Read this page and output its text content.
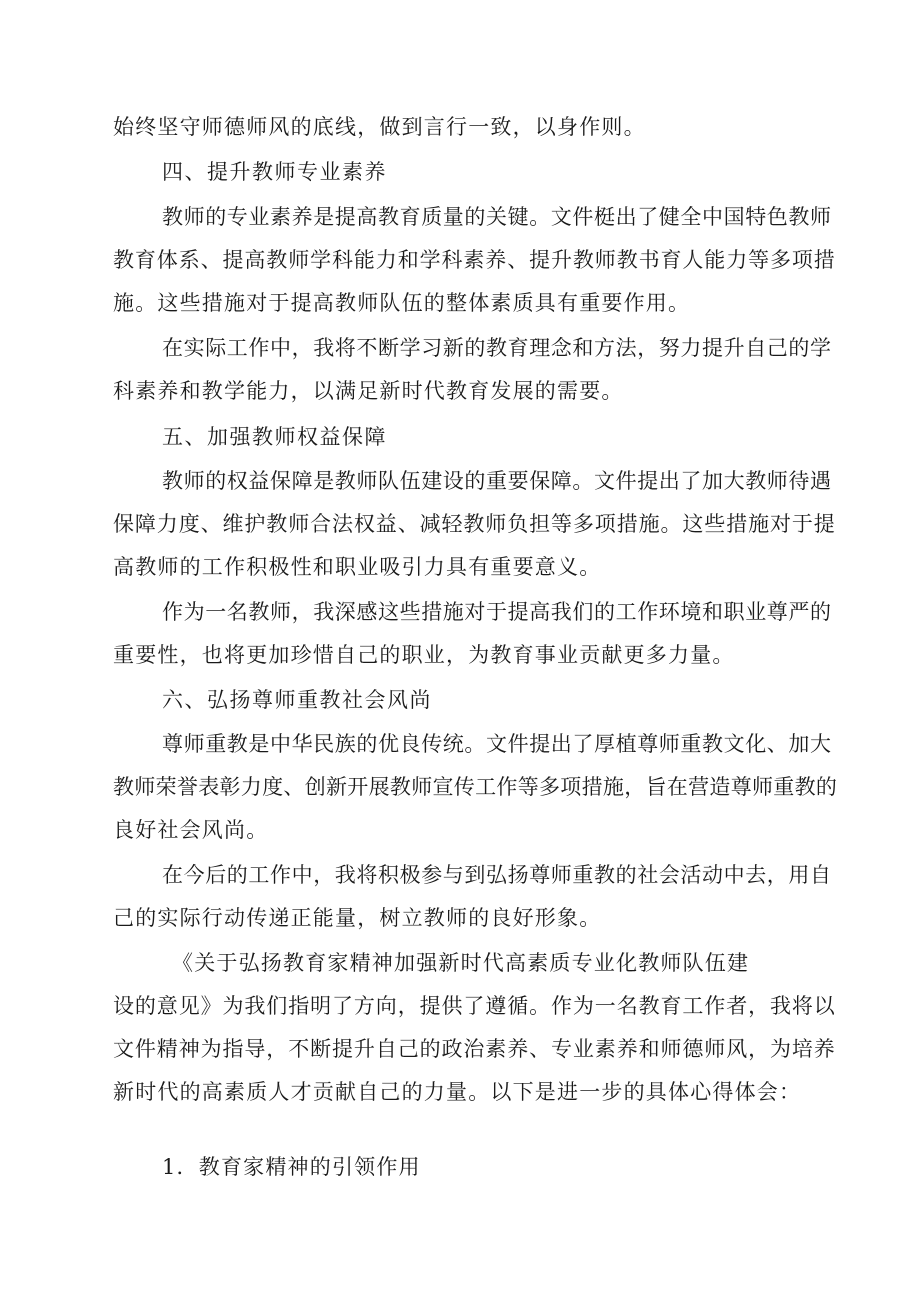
始终坚守师德师风的底线，做到言行一致，以身作则。
四、提升教师专业素养
教师的专业素养是提高教育质量的关键。文件梃出了健全中国特色教师
教育体系、提高教师学科能力和学科素养、提升教师教书育人能力等多项措
施。这些措施对于提高教师队伍的整体素质具有重要作用。
在实际工作中，我将不断学习新的教育理念和方法，努力提升自己的学
科素养和教学能力，以满足新时代教育发展的需要。
五、加强教师权益保障
教师的权益保障是教师队伍建设的重要保障。文件提出了加大教师待遇
保障力度、维护教师合法权益、减轻教师负担等多项措施。这些措施对于提
高教师的工作积极性和职业吸引力具有重要意义。
作为一名教师，我深感这些措施对于提高我们的工作环境和职业尊严的
重要性，也将更加珍惜自己的职业，为教育事业贡献更多力量。
六、弘扬尊师重教社会风尚
尊师重教是中华民族的优良传统。文件提出了厚植尊师重教文化、加大
教师荣誉表彰力度、创新开展教师宣传工作等多项措施，旨在营造尊师重教的
良好社会风尚。
在今后的工作中，我将积极参与到弘扬尊师重教的社会活动中去，用自
己的实际行动传递正能量，树立教师的良好形象。
《关于弘扬教育家精神加强新时代高素质专业化教师队伍建
设的意见》为我们指明了方向，提供了遵循。作为一名教育工作者，我将以
文件精神为指导，不断提升自己的政治素养、专业素养和师德师风，为培养
新时代的高素质人才贡献自己的力量。以下是进一步的具体心得体会：
1．教育家精神的引领作用
